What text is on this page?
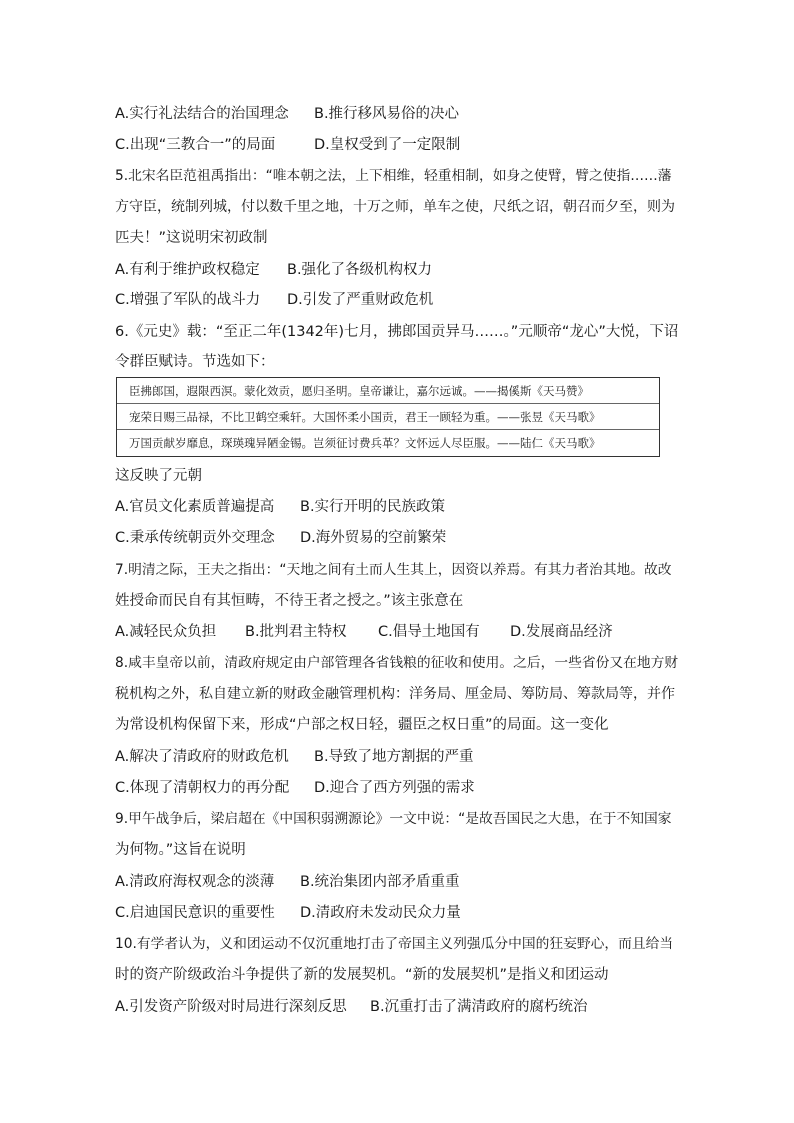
A.实行礼法结合的治国理念 B.推行移风易俗的决心
C.出现“三教合一”的局面	D.皇权受到了一定限制
5.北宋名臣范祖禹指出：“唯本朝之法，上下相维，轻重相制，如身之使臂，臂之使指……藩
方守臣，统制列城，付以数千里之地，十万之师，单车之使，尺纸之诏，朝召而夕至，则为
匹夫！”这说明宋初政制
A.有利于维护政权稳定 B.强化了各级机构权力
C.增强了军队的战斗力 D.引发了严重财政危机
6.《元史》载：“至正二年(1342年)七月，拂郎国贡异马……。”元顺帝“龙心”大悦，下诏
令群臣赋诗。节选如下：
臣拂郎国，遐限西溟。蒙化效贡，愿归圣明。皇帝谦让，嘉尔远诚。——揭傒斯《天马赞》
宠荣日赐三品禄，不比卫鹤空乘轩。大国怀柔小国贡，君王一顾轻为重。——张昱《天马歌》
万国贡献岁靡息，琛瑛瑰异陋金锡。岂须征讨费兵革？文怀远人尽臣服。——陆仁《天马歌》
这反映了元朝
A.官员文化素质普遍提高 B.实行开明的民族政策
C.秉承传统朝贡外交理念 D.海外贸易的空前繁荣
7.明清之际，王夫之指出：“天地之间有土而人生其上，因资以养焉。有其力者治其地。故改
姓授命而民自有其恒畴，不待王者之授之。”该主张意在
A.减轻民众负担 B.批判君主特权 C.倡导土地国有 D.发展商品经济
8.咸丰皇帝以前，清政府规定由户部管理各省钱粮的征收和使用。之后，一些省份又在地方财
税机构之外，私自建立新的财政金融管理机构：洋务局、厘金局、筹防局、筹款局等，并作
为常设机构保留下来，形成“户部之权日轻，疆臣之权日重”的局面。这一变化
A.解决了清政府的财政危机 B.导致了地方割据的严重
C.体现了清朝权力的再分配 D.迎合了西方列强的需求
9.甲午战争后，梁启超在《中国积弱溯源论》一文中说：“是故吾国民之大患，在于不知国家
为何物。”这旨在说明
A.清政府海权观念的淡薄 B.统治集团内部矛盾重重
C.启迪国民意识的重要性 D.清政府未发动民众力量
10.有学者认为，义和团运动不仅沉重地打击了帝国主义列强瓜分中国的狂妄野心，而且给当
时的资产阶级政治斗争提供了新的发展契机。“新的发展契机”是指义和团运动
A.引发资产阶级对时局进行深刻反思 B.沉重打击了满清政府的腐朽统治
